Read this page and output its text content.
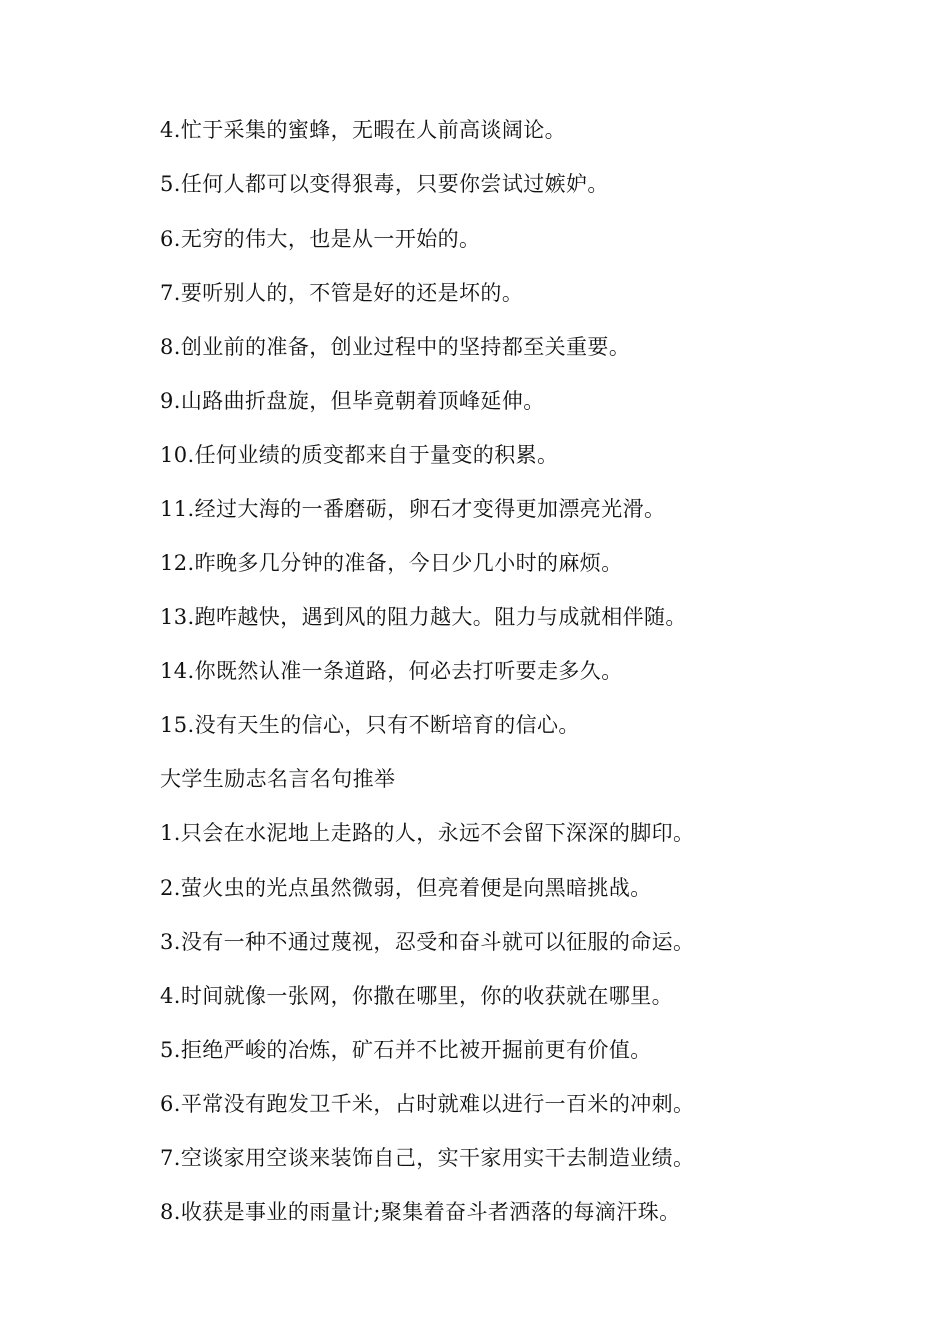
4.忙于采集的蜜蜂，无暇在人前高谈阔论。
5.任何人都可以变得狠毒，只要你尝试过嫉妒。
6.无穷的伟大，也是从一开始的。
7.要听别人的，不管是好的还是坏的。
8.创业前的准备，创业过程中的坚持都至关重要。
9.山路曲折盘旋，但毕竟朝着顶峰延伸。
10.任何业绩的质变都来自于量变的积累。
11.经过大海的一番磨砺，卵石才变得更加漂亮光滑。
12.昨晚多几分钟的准备，今日少几小时的麻烦。
13.跑咋越快，遇到风的阻力越大。阻力与成就相伴随。
14.你既然认准一条道路，何必去打听要走多久。
15.没有天生的信心，只有不断培育的信心。
大学生励志名言名句推举
1.只会在水泥地上走路的人，永远不会留下深深的脚印。
2.萤火虫的光点虽然微弱，但亮着便是向黑暗挑战。
3.没有一种不通过蔑视，忍受和奋斗就可以征服的命运。
4.时间就像一张网，你撒在哪里，你的收获就在哪里。
5.拒绝严峻的冶炼，矿石并不比被开掘前更有价值。
6.平常没有跑发卫千米，占时就难以进行一百米的冲刺。
7.空谈家用空谈来装饰自己，实干家用实干去制造业绩。
8.收获是事业的雨量计;聚集着奋斗者洒落的每滴汗珠。
